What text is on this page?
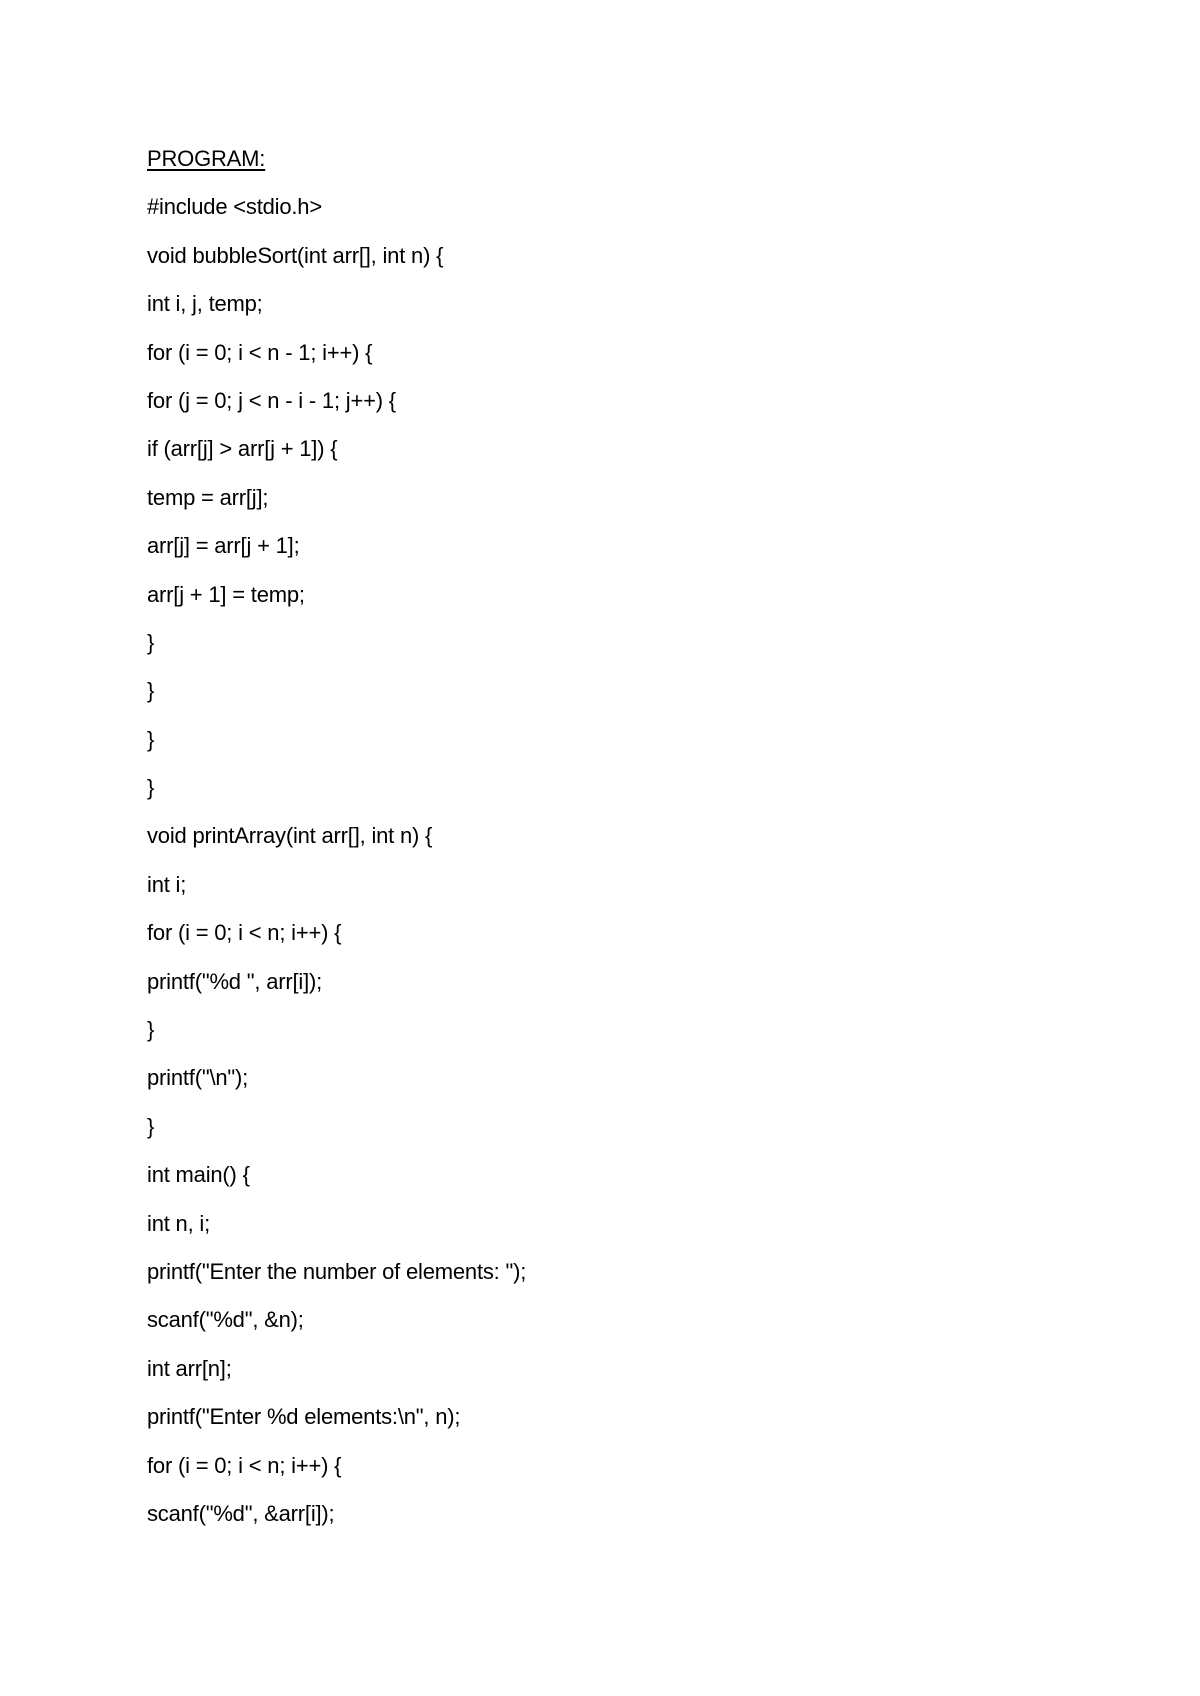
PROGRAM:
#include <stdio.h>
void bubbleSort(int arr[], int n) {
int i, j, temp;
for (i = 0; i < n - 1; i++) {
for (j = 0; j < n - i - 1; j++) {
if (arr[j] > arr[j + 1]) {
temp = arr[j];
arr[j] = arr[j + 1];
arr[j + 1] = temp;
}
}
}
}
void printArray(int arr[], int n) {
int i;
for (i = 0; i < n; i++) {
printf("%d ", arr[i]);
}
printf("\n");
}
int main() {
int n, i;
printf("Enter the number of elements: ");
scanf("%d", &n);
int arr[n];
printf("Enter %d elements:\n", n);
for (i = 0; i < n; i++) {
scanf("%d", &arr[i]);
